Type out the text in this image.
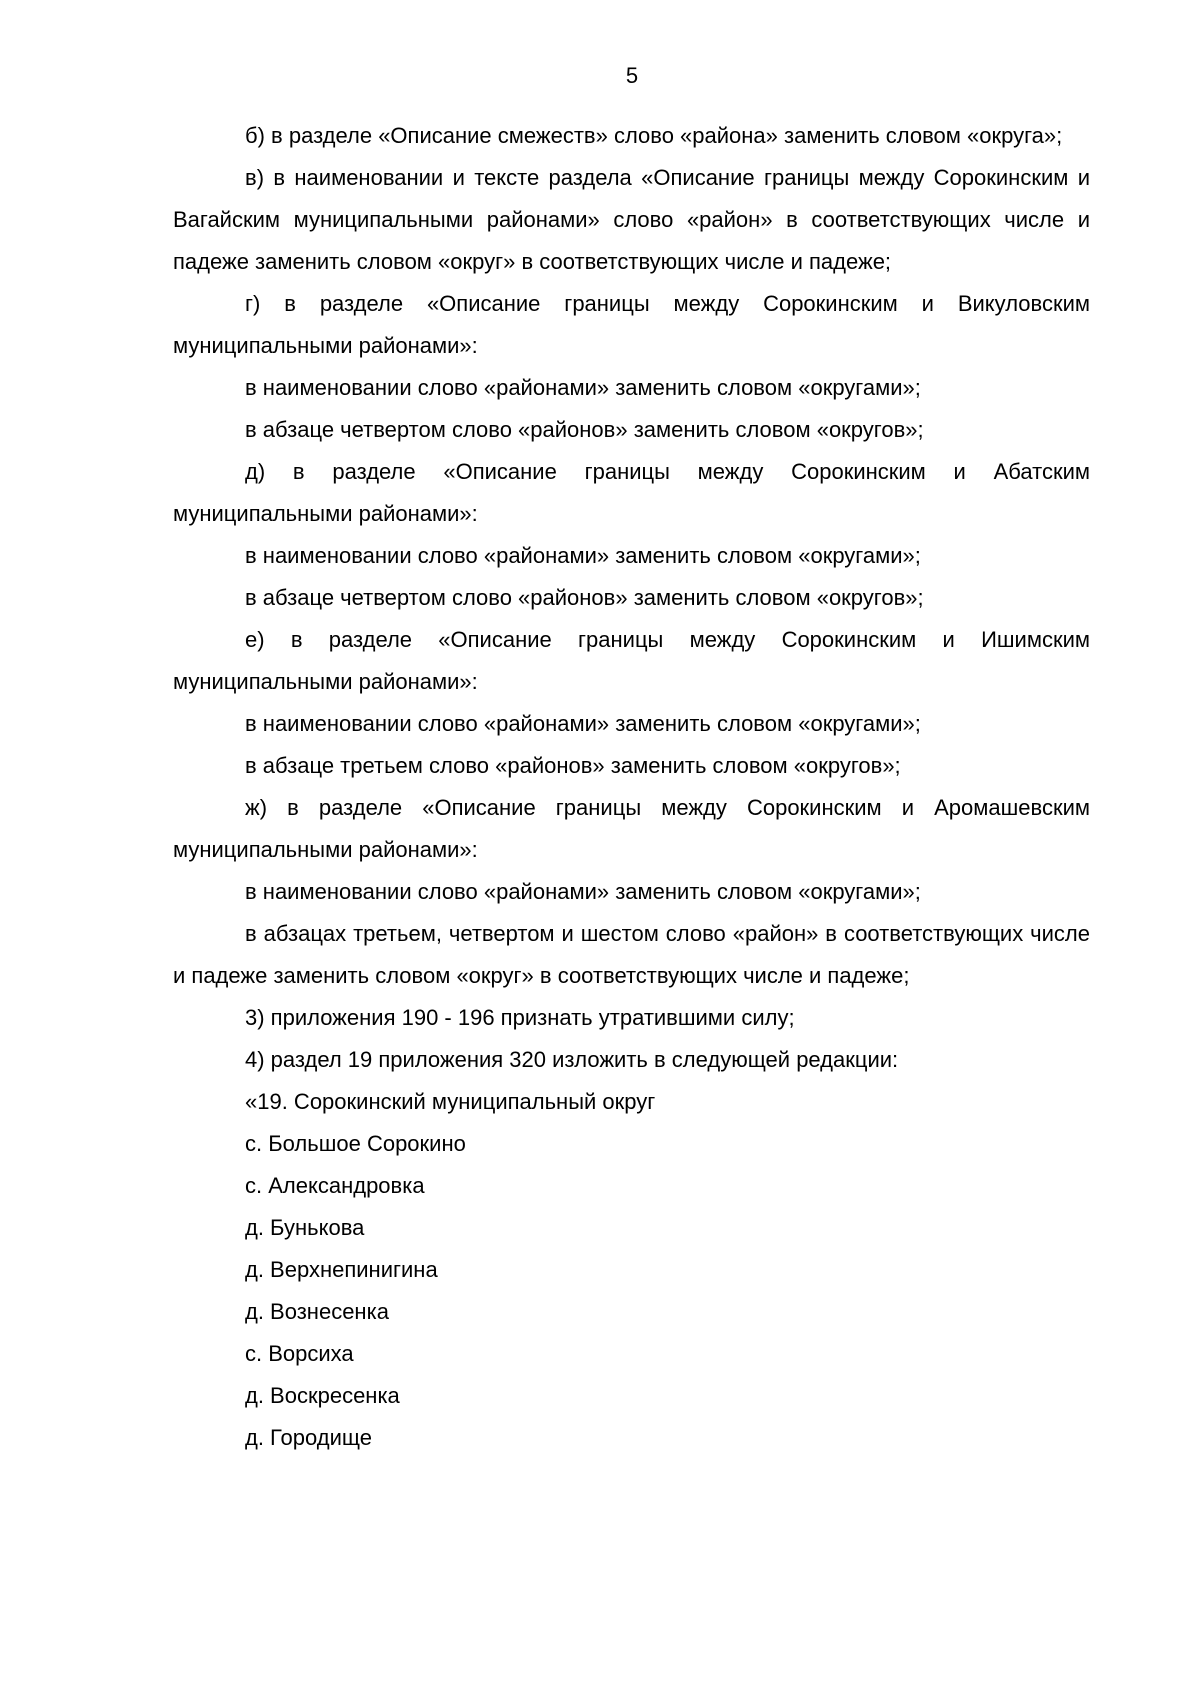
5

б) в разделе «Описание смежеств» слово «района» заменить словом «округа»;

в) в наименовании и тексте раздела «Описание границы между Сорокинским и Вагайским муниципальными районами» слово «район» в соответствующих числе и падеже заменить словом «округ» в соответствующих числе и падеже;

г) в разделе «Описание границы между Сорокинским и Викуловским муниципальными районами»:

в наименовании слово «районами» заменить словом «округами»;

в абзаце четвертом слово «районов» заменить словом «округов»;

д) в разделе «Описание границы между Сорокинским и Абатским муниципальными районами»:

в наименовании слово «районами» заменить словом «округами»;

в абзаце четвертом слово «районов» заменить словом «округов»;

е) в разделе «Описание границы между Сорокинским и Ишимским муниципальными районами»:

в наименовании слово «районами» заменить словом «округами»;

в абзаце третьем слово «районов» заменить словом «округов»;

ж) в разделе «Описание границы между Сорокинским и Аромашевским муниципальными районами»:

в наименовании слово «районами» заменить словом «округами»;

в абзацах третьем, четвертом и шестом слово «район» в соответствующих числе и падеже заменить словом «округ» в соответствующих числе и падеже;

3) приложения 190 - 196 признать утратившими силу;

4) раздел 19 приложения 320 изложить в следующей редакции:

«19. Сорокинский муниципальный округ

с. Большое Сорокино

с. Александровка

д. Бунькова

д. Верхнепинигина

д. Вознесенка

с. Ворсиха

д. Воскресенка

д. Городище
